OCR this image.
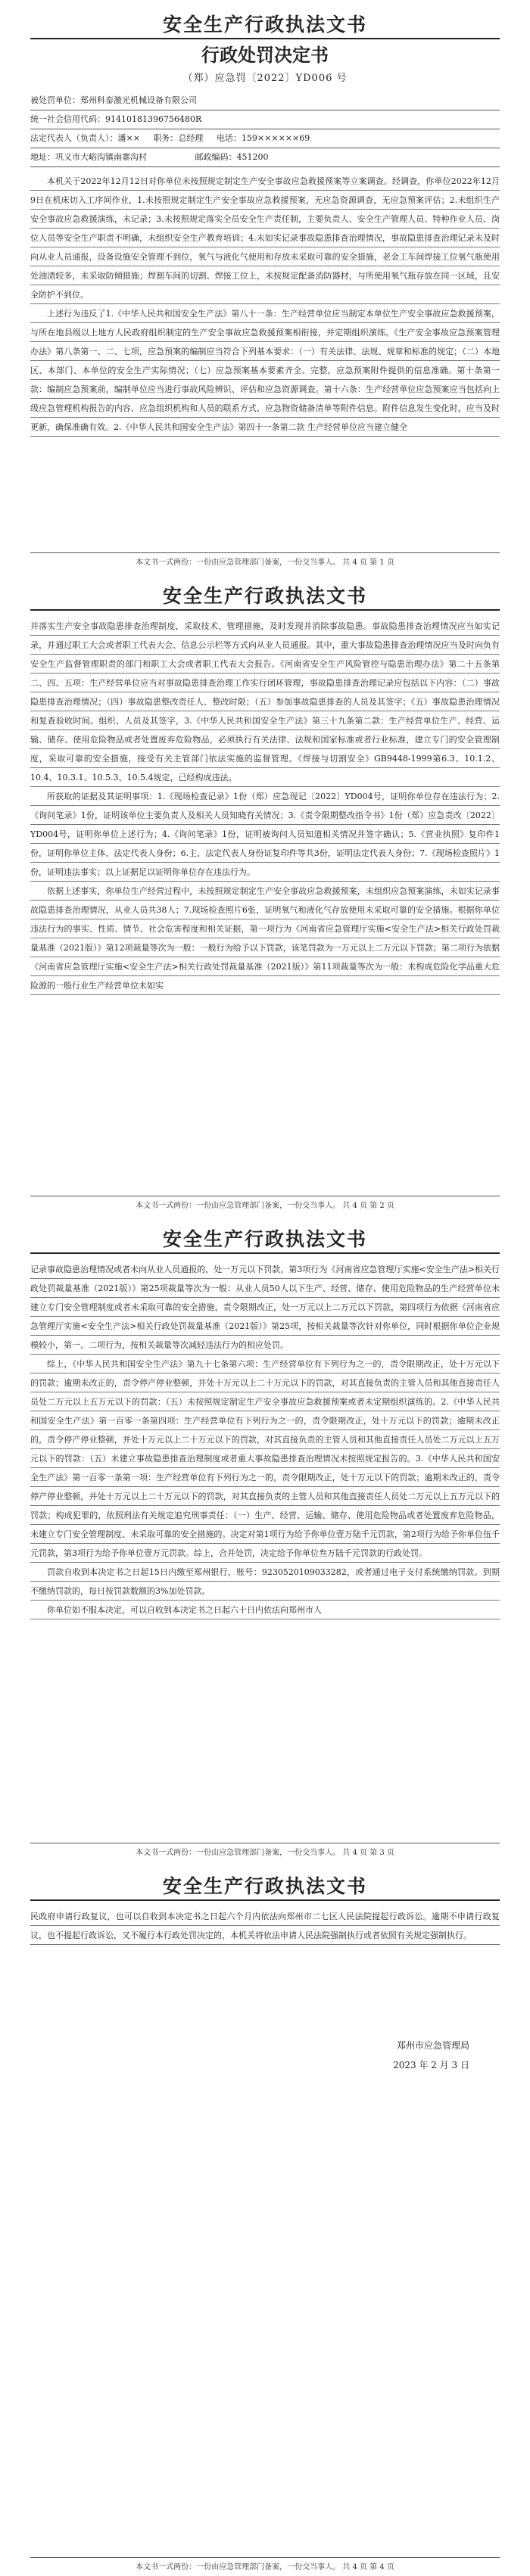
安全生产行政执法文书
行政处罚决定书
（郑）应急罚〔2022〕YD006 号
被处罚单位：郑州科泰激光机械设备有限公司
统一社会信用代码：91410181396756480R
法定代表人（负责人）：潘×× 职务：总经理 电话：159××××××69
地址：巩义市大峪沟镇南寨沟村	邮政编码：451200

本机关于2022年12月12日对你单位未按照规定制定生产安全事故应急救援预案等立案调查。经调查，你单位2022年12月9日在机床切入工序间作业，1.未按照规定制定生产安全事故应急救援预案，无应急资源调查，无应急预案评估；2.未组织生产安全事故应急救援演练，未记录；3.未按照规定落实全员安全生产责任制，主要负责人、安全生产管理人员、特种作业人员、岗位人员等安全生产职责不明确，未组织安全生产教育培训；4.未如实记录事故隐患排查治理情况，事故隐患排查治理记录未及时向从业人员通报，设备设施安全管理不到位，氧气与液化气使用和存放未采取可靠的安全措施，老金工车间焊接工位氧气瓶使用处油渍较多，未采取防倾措施；焊割车间的切割、焊接工位上，未按规定配备消防器材，与所使用氧气瓶存放在同一区域，且安全防护不到位。

上述行为违反了1.《中华人民共和国安全生产法》第八十一条：生产经营单位应当制定本单位生产安全事故应急救援预案，与所在地县级以上地方人民政府组织制定的生产安全事故应急救援预案相衔接，并定期组织演练。《生产安全事故应急预案管理办法》第八条第一、二、七项，应急预案的编制应当符合下列基本要求：（一）有关法律、法规、规章和标准的规定；（二）本地区、本部门、本单位的安全生产实际情况；（七）应急预案基本要素齐全、完整，应急预案附件提供的信息准确。第十条第一款：编制应急预案前，编制单位应当进行事故风险辨识、评估和应急资源调查。第十六条：生产经营单位应急预案应当包括向上级应急管理机构报告的内容、应急组织机构和人员的联系方式、应急物资储备清单等附件信息。附件信息发生变化时，应当及时更新，确保准确有效。2.《中华人民共和国安全生产法》第四十一条第二款 生产经营单位应当建立健全

本文书一式两份：一份由应急管理部门备案，一份交当事人。 共 4 页 第 1 页
安全生产行政执法文书

并落实生产安全事故隐患排查治理制度，采取技术、管理措施，及时发现并消除事故隐患。事故隐患排查治理情况应当如实记录，并通过职工大会或者职工代表大会、信息公示栏等方式向从业人员通报。其中，重大事故隐患排查治理情况应当及时向负有安全生产监督管理职责的部门和职工大会或者职工代表大会报告。《河南省安全生产风险管控与隐患治理办法》第二十五条第二、四、五项：生产经营单位应当对事故隐患排查治理工作实行闭环管理，事故隐患排查治理记录应包括以下内容：（二）事故隐患排查治理情况；（四）事故隐患整改责任人、整改时限；（五）参加事故隐患排查的人员及其签字；《五）事故隐患治理情况和复查验收时间。组织、人员及其签字，3.《中华人民共和国安全生产法》第三十九条第二款：生产经营单位生产、经营、运输、储存、使用危险物品或者处置废弃危险物品，必须执行有关法律、法规和国家标准或者行业标准，建立专门的安全管理制度，采取可靠的安全措施，接受有关主管部门依法实施的监督管理。《焊接与切割安全》GB9448-1999第6.3、10.1.2、10.4、10.3.1、10.5.3、10.5.4规定，已经构成违法。

所获取的证据及其证明事项：1.《现场检查记录》1份（郑）应急现记〔2022〕YD004号，证明你单位存在违法行为；2.《询问笔录》1份，证明该单位主要负责人及相关人员知晓有关情况；3.《责令限期整改指令书》1份（郑）应急责改〔2022〕YD004号，证明你单位上述行为；4.《询问笔录》1份，证明被询问人员知道相关情况并签字确认；5.《营业执照》复印件1份，证明你单位主体、法定代表人身份；6.主，法定代表人身份证复印件等共3份，证明法定代表人身份；7.《现场检查照片》1份，证明违法事实；以上证据足以证明你单位存在违法行为。

依据上述事实，你单位生产经营过程中，未按照规定制定生产安全事故应急救援预案，未组织应急预案演练，未如实记录事故隐患排查治理情况，从业人员共38人；7.现场检查照片6张，证明氧气和液化气存放使用未采取可靠的安全措施。根据你单位违法行为的事实、性质、情节、社会危害程度和相关证据，第一项行为《河南省应急管理厅实施<安全生产法>相关行政处罚裁量基准（2021版）》第12项裁量等次为一般：一般行为给予以下罚款，该笔罚款为一万元以上二万元以下罚款；第二项行为依据《河南省应急管理厅实施<安全生产法>相关行政处罚裁量基准（2021版）》第11项裁量等次为一般：未构成危险化学品重大危险源的一般行业生产经营单位未如实

本文书一式两份：一份由应急管理部门备案，一份交当事人。 共 4 页 第 2 页
安全生产行政执法文书

记录事故隐患治理情况或者未向从业人员通报的，处一万元以下罚款，第3项行为《河南省应急管理厅实施<安全生产法>相关行政处罚裁量基准（2021版）》第25项裁量等次为一般：从业人员50人以下生产、经营、储存、使用危险物品的生产经营单位未建立专门安全管理制度或者未采取可靠的安全措施，责令限期改正，处一万元以上二万元以下罚款，第四项行为依据《河南省应急管理厅实施<安全生产法>相关行政处罚裁量基准（2021版）》第25项，按相关裁量等次针对你单位，同时根据你单位企业规模较小，第一、二项行为，按相关裁量等次减轻违法行为的相应处罚。

综上，《中华人民共和国安全生产法》第九十七条第六项：生产经营单位有下列行为之一的，责令限期改正，处十万元以下的罚款；逾期未改正的，责令停产停业整顿，并处十万元以上二十万元以下的罚款，对其直接负责的主管人员和其他直接责任人员处二万元以上五万元以下的罚款：（五）未按照规定制定生产安全事故应急救援预案或者未定期组织演练的。2.《中华人民共和国安全生产法》第一百零一条第四项：生产经营单位有下列行为之一的，责令限期改正，处十万元以下的罚款；逾期未改正的，责令停产停业整顿，并处十万元以上二十万元以下的罚款，对其直接负责的主管人员和其他直接责任人员处二万元以上五万元以下的罚款：（五）未建立事故隐患排查治理制度或者重大事故隐患排查治理情况未按照规定报告的。3.《中华人民共和国安全生产法》第一百零一条第一项：生产经营单位有下列行为之一的，责令限期改正，处十万元以下的罚款；逾期未改正的，责令停产停业整顿，并处十万元以上二十万元以下的罚款，对其直接负责的主管人员和其他直接责任人员处二万元以上五万元以下的罚款；构成犯罪的，依照刑法有关规定追究刑事责任：（一）生产、经营、运输、储存、使用危险物品或者处置废弃危险物品，未建立专门安全管理制度、未采取可靠的安全措施的。决定对第1项行为给予你单位壹万陆千元罚款，第2项行为给予你单位伍千元罚款，第3项行为给予你单位壹万元罚款。综上，合并处罚，决定给予你单位叁万陆千元罚款的行政处罚。

罚款自收到本决定书之日起15日内缴至郑州银行，账号：9230520109033282，或者通过电子支付系统缴纳罚款。到期不缴纳罚款的，每日按罚款数额的3%加处罚款。

你单位如不服本决定，可以自收到本决定书之日起六十日内依法向郑州市人

本文书一式两份：一份由应急管理部门备案，一份交当事人。 共 4 页 第 3 页
安全生产行政执法文书

民政府申请行政复议，也可以自收到本决定书之日起六个月内依法向郑州市二七区人民法院提起行政诉讼。逾期不申请行政复议，也不提起行政诉讼，又不履行本行政处罚决定的，本机关将依法申请人民法院强制执行或者依照有关规定强制执行。

郑州市应急管理局
2023 年 2 月 3 日
本文书一式两份：一份由应急管理部门备案，一份交当事人。 共 4 页 第 4 页
